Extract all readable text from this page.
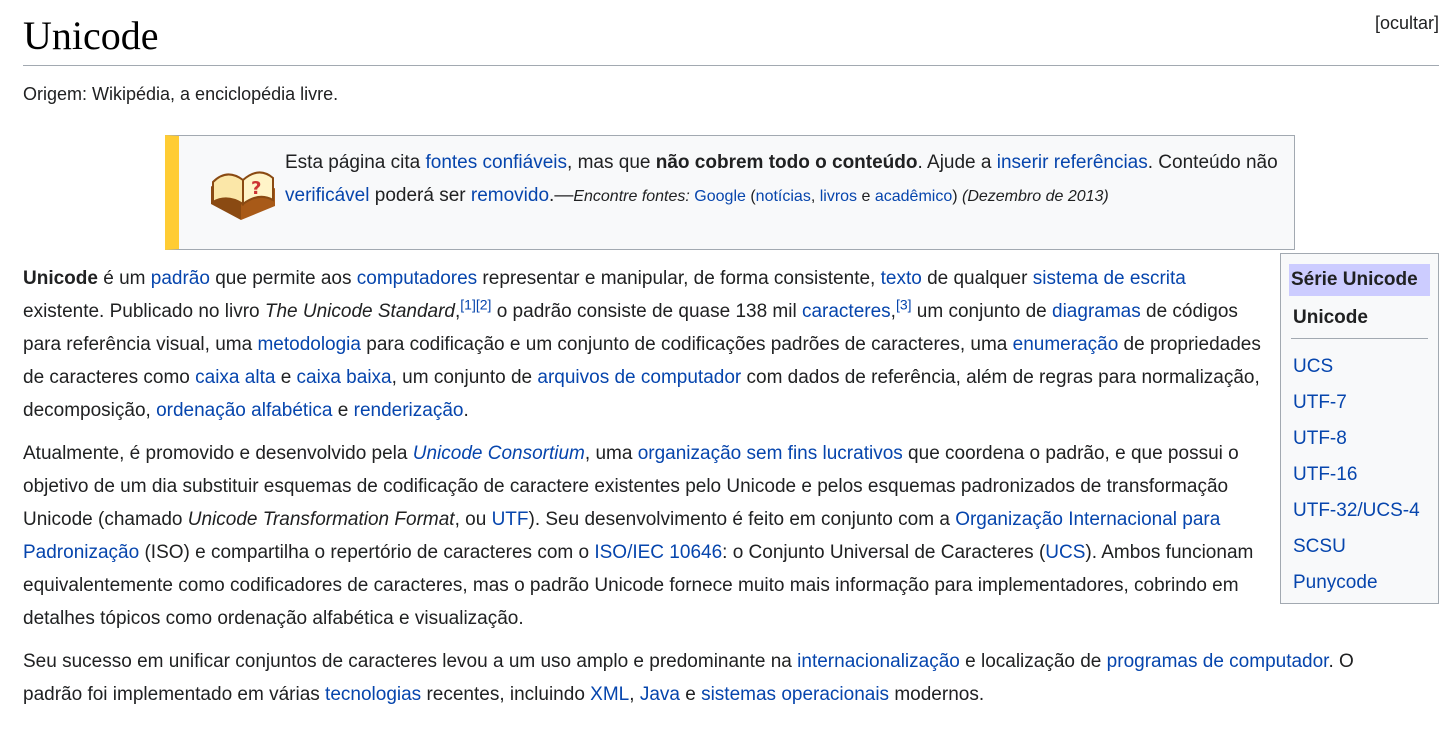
Unicode	[ocultar]
Origem: Wikipédia, a enciclopédia livre.
?
Esta página cita fontes confiáveis, mas que não cobrem todo o conteúdo. Ajude a inserir referências. Conteúdo não verificável poderá ser removido.—Encontre fontes: Google (notícias, livros e acadêmico) (Dezembro de 2013)
Série Unicode
Unicode
UCS
UTF-7
UTF-8
UTF-16
UTF-32/UCS-4
SCSU
Punycode

Unicode é um padrão que permite aos computadores representar e manipular, de forma consistente, texto de qualquer sistema de escrita existente. Publicado no livro The Unicode Standard,[1][2] o padrão consiste de quase 138 mil caracteres,[3] um conjunto de diagramas de códigos para referência visual, uma metodologia para codificação e um conjunto de codificações padrões de caracteres, uma enumeração de propriedades de caracteres como caixa alta e caixa baixa, um conjunto de arquivos de computador com dados de referência, além de regras para normalização, decomposição, ordenação alfabética e renderização.

Atualmente, é promovido e desenvolvido pela Unicode Consortium, uma organização sem fins lucrativos que coordena o padrão, e que possui o objetivo de um dia substituir esquemas de codificação de caractere existentes pelo Unicode e pelos esquemas padronizados de transformação Unicode (chamado Unicode Transformation Format, ou UTF). Seu desenvolvimento é feito em conjunto com a Organização Internacional para Padronização (ISO) e compartilha o repertório de caracteres com o ISO/IEC 10646: o Conjunto Universal de Caracteres (UCS). Ambos funcionam equivalentemente como codificadores de caracteres, mas o padrão Unicode fornece muito mais informação para implementadores, cobrindo em detalhes tópicos como ordenação alfabética e visualização.

Seu sucesso em unificar conjuntos de caracteres levou a um uso amplo e predominante na internacionalização e localização de programas de computador. O padrão foi implementado em várias tecnologias recentes, incluindo XML, Java e sistemas operacionais modernos.
